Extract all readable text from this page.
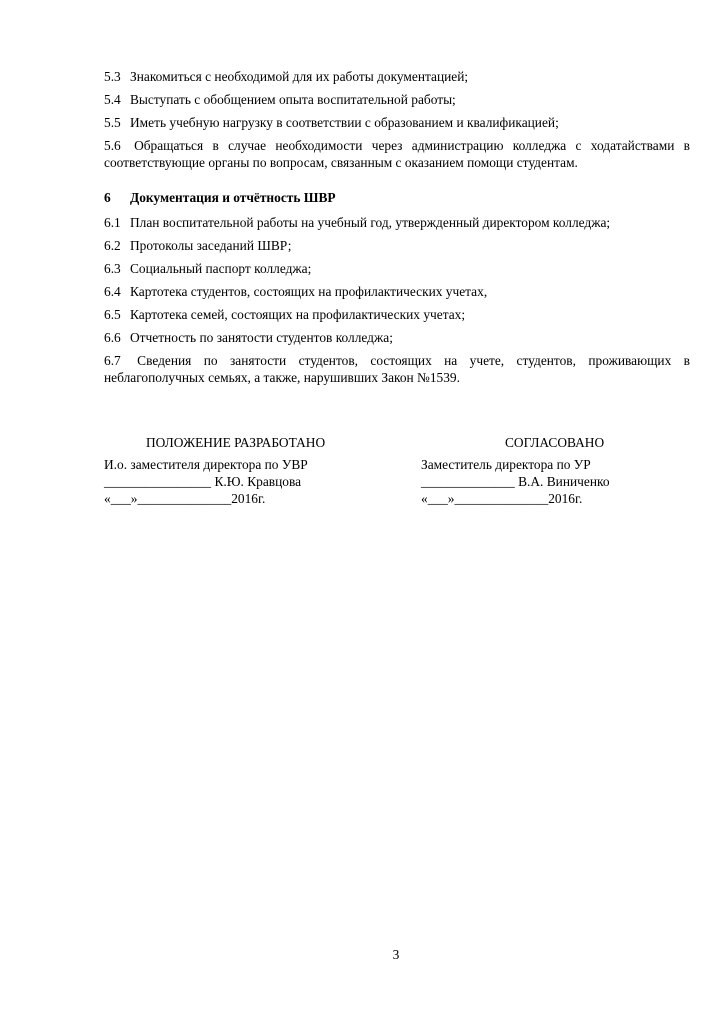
5.3 Знакомиться с необходимой для их работы документацией;
5.4 Выступать с обобщением опыта воспитательной работы;
5.5 Иметь учебную нагрузку в соответствии с образованием и квалификацией;
5.6 Обращаться в случае необходимости через администрацию колледжа с ходатайствами в соответствующие органы по вопросам, связанным с оказанием помощи студентам.
6	Документация и отчётность ШВР
6.1 План воспитательной работы на учебный год, утвержденный директором колледжа;
6.2 Протоколы заседаний ШВР;
6.3 Социальный паспорт колледжа;
6.4 Картотека студентов, состоящих на профилактических учетах,
6.5 Картотека семей, состоящих на профилактических учетах;
6.6 Отчетность по занятости студентов колледжа;
6.7 Сведения по занятости студентов, состоящих на учете, студентов, проживающих в неблагополучных семьях, а также, нарушивших Закон №1539.
ПОЛОЖЕНИЕ РАЗРАБОТАНО
И.о. заместителя директора по УВР
________________ К.Ю. Кравцова
«___»______________2016г.
СОГЛАСОВАНО
Заместитель директора по УР
______________ В.А. Виниченко
«___»______________2016г.
3
